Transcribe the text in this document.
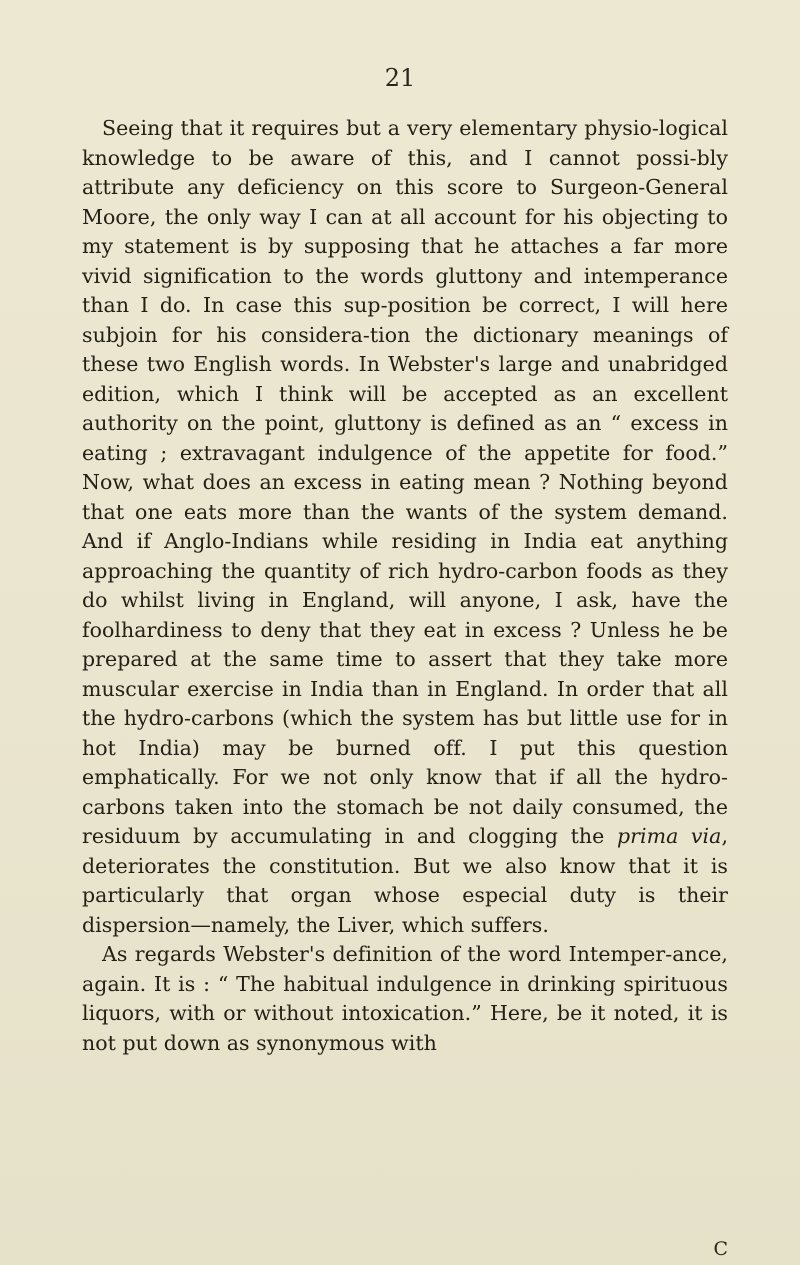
21
Seeing that it requires but a very elementary physio-logical knowledge to be aware of this, and I cannot possi-bly attribute any deficiency on this score to Surgeon-General Moore, the only way I can at all account for his objecting to my statement is by supposing that he attaches a far more vivid signification to the words gluttony and intemperance than I do. In case this sup-position be correct, I will here subjoin for his considera-tion the dictionary meanings of these two English words. In Webster's large and unabridged edition, which I think will be accepted as an excellent authority on the point, gluttony is defined as an “ excess in eating ; extravagant indulgence of the appetite for food.” Now, what does an excess in eating mean ? Nothing beyond that one eats more than the wants of the system demand. And if Anglo-Indians while residing in India eat anything approaching the quantity of rich hydro-carbon foods as they do whilst living in England, will anyone, I ask, have the foolhardiness to deny that they eat in excess ? Unless he be prepared at the same time to assert that they take more muscular exercise in India than in England. In order that all the hydro-carbons (which the system has but little use for in hot India) may be burned off. I put this question emphatically. For we not only know that if all the hydro-carbons taken into the stomach be not daily consumed, the residuum by accumulating in and clogging the prima via, deteriorates the constitution. But we also know that it is particularly that organ whose especial duty is their dispersion—namely, the Liver, which suffers.
As regards Webster's definition of the word Intemper-ance, again. It is : “ The habitual indulgence in drinking spirituous liquors, with or without intoxication.” Here, be it noted, it is not put down as synonymous with
C
